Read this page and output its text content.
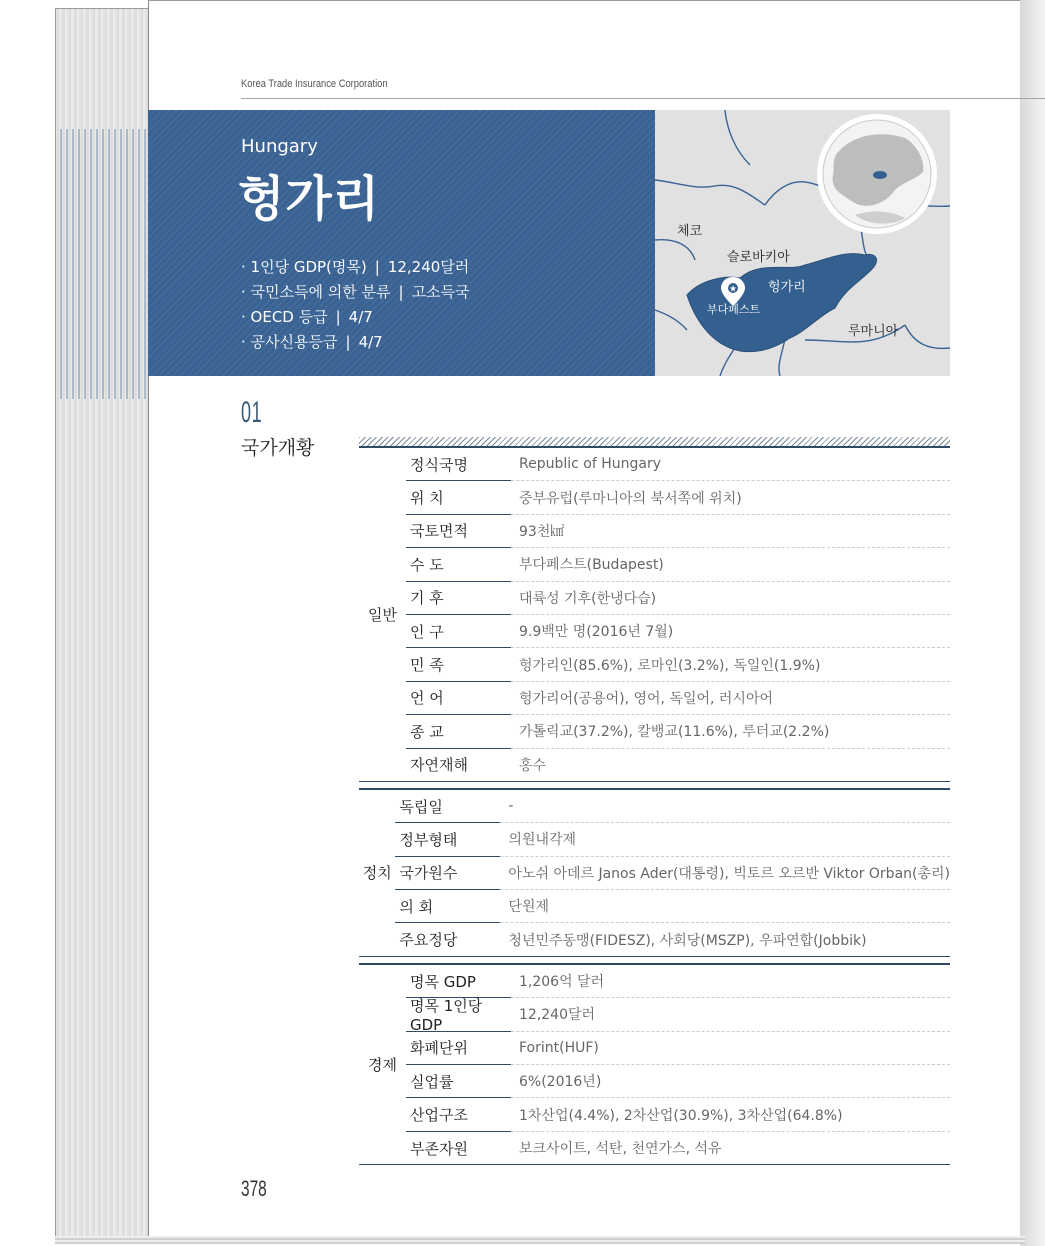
Korea Trade Insurance Corporation
Hungary
헝가리
· 1인당 GDP(명목) | 12,240달러
· 국민소득에 의한 분류 | 고소득국
· OECD 등급 | 4/7
· 공사신용등급 | 4/7
★
체코
슬로바키아
헝가리
부다페스트
루마니아
01
국가개황
일반
정식국명	Republic of Hungary
위 치	중부유럽(루마니아의 북서쪽에 위치)
국토면적	93천㎢
수 도	부다페스트(Budapest)
기 후	대륙성 기후(한냉다습)
인 구	9.9백만 명(2016년 7월)
민 족	헝가리인(85.6%), 로마인(3.2%), 독일인(1.9%)
언 어	헝가리어(공용어), 영어, 독일어, 러시아어
종 교	가톨릭교(37.2%), 칼뱅교(11.6%), 루터교(2.2%)
자연재해	홍수
정치
독립일	-
정부형태	의원내각제
국가원수	아노쉬 아데르 Janos Ader(대통령), 빅토르 오르반 Viktor Orban(총리)
의 회	단원제
주요정당	청년민주동맹(FIDESZ), 사회당(MSZP), 우파연합(Jobbik)
경제
명목 GDP	1,206억 달러
명목 1인당 GDP
12,240달러
화폐단위	Forint(HUF)
실업률	6%(2016년)
산업구조	1차산업(4.4%), 2차산업(30.9%), 3차산업(64.8%)
부존자원	보크사이트, 석탄, 천연가스, 석유
378
